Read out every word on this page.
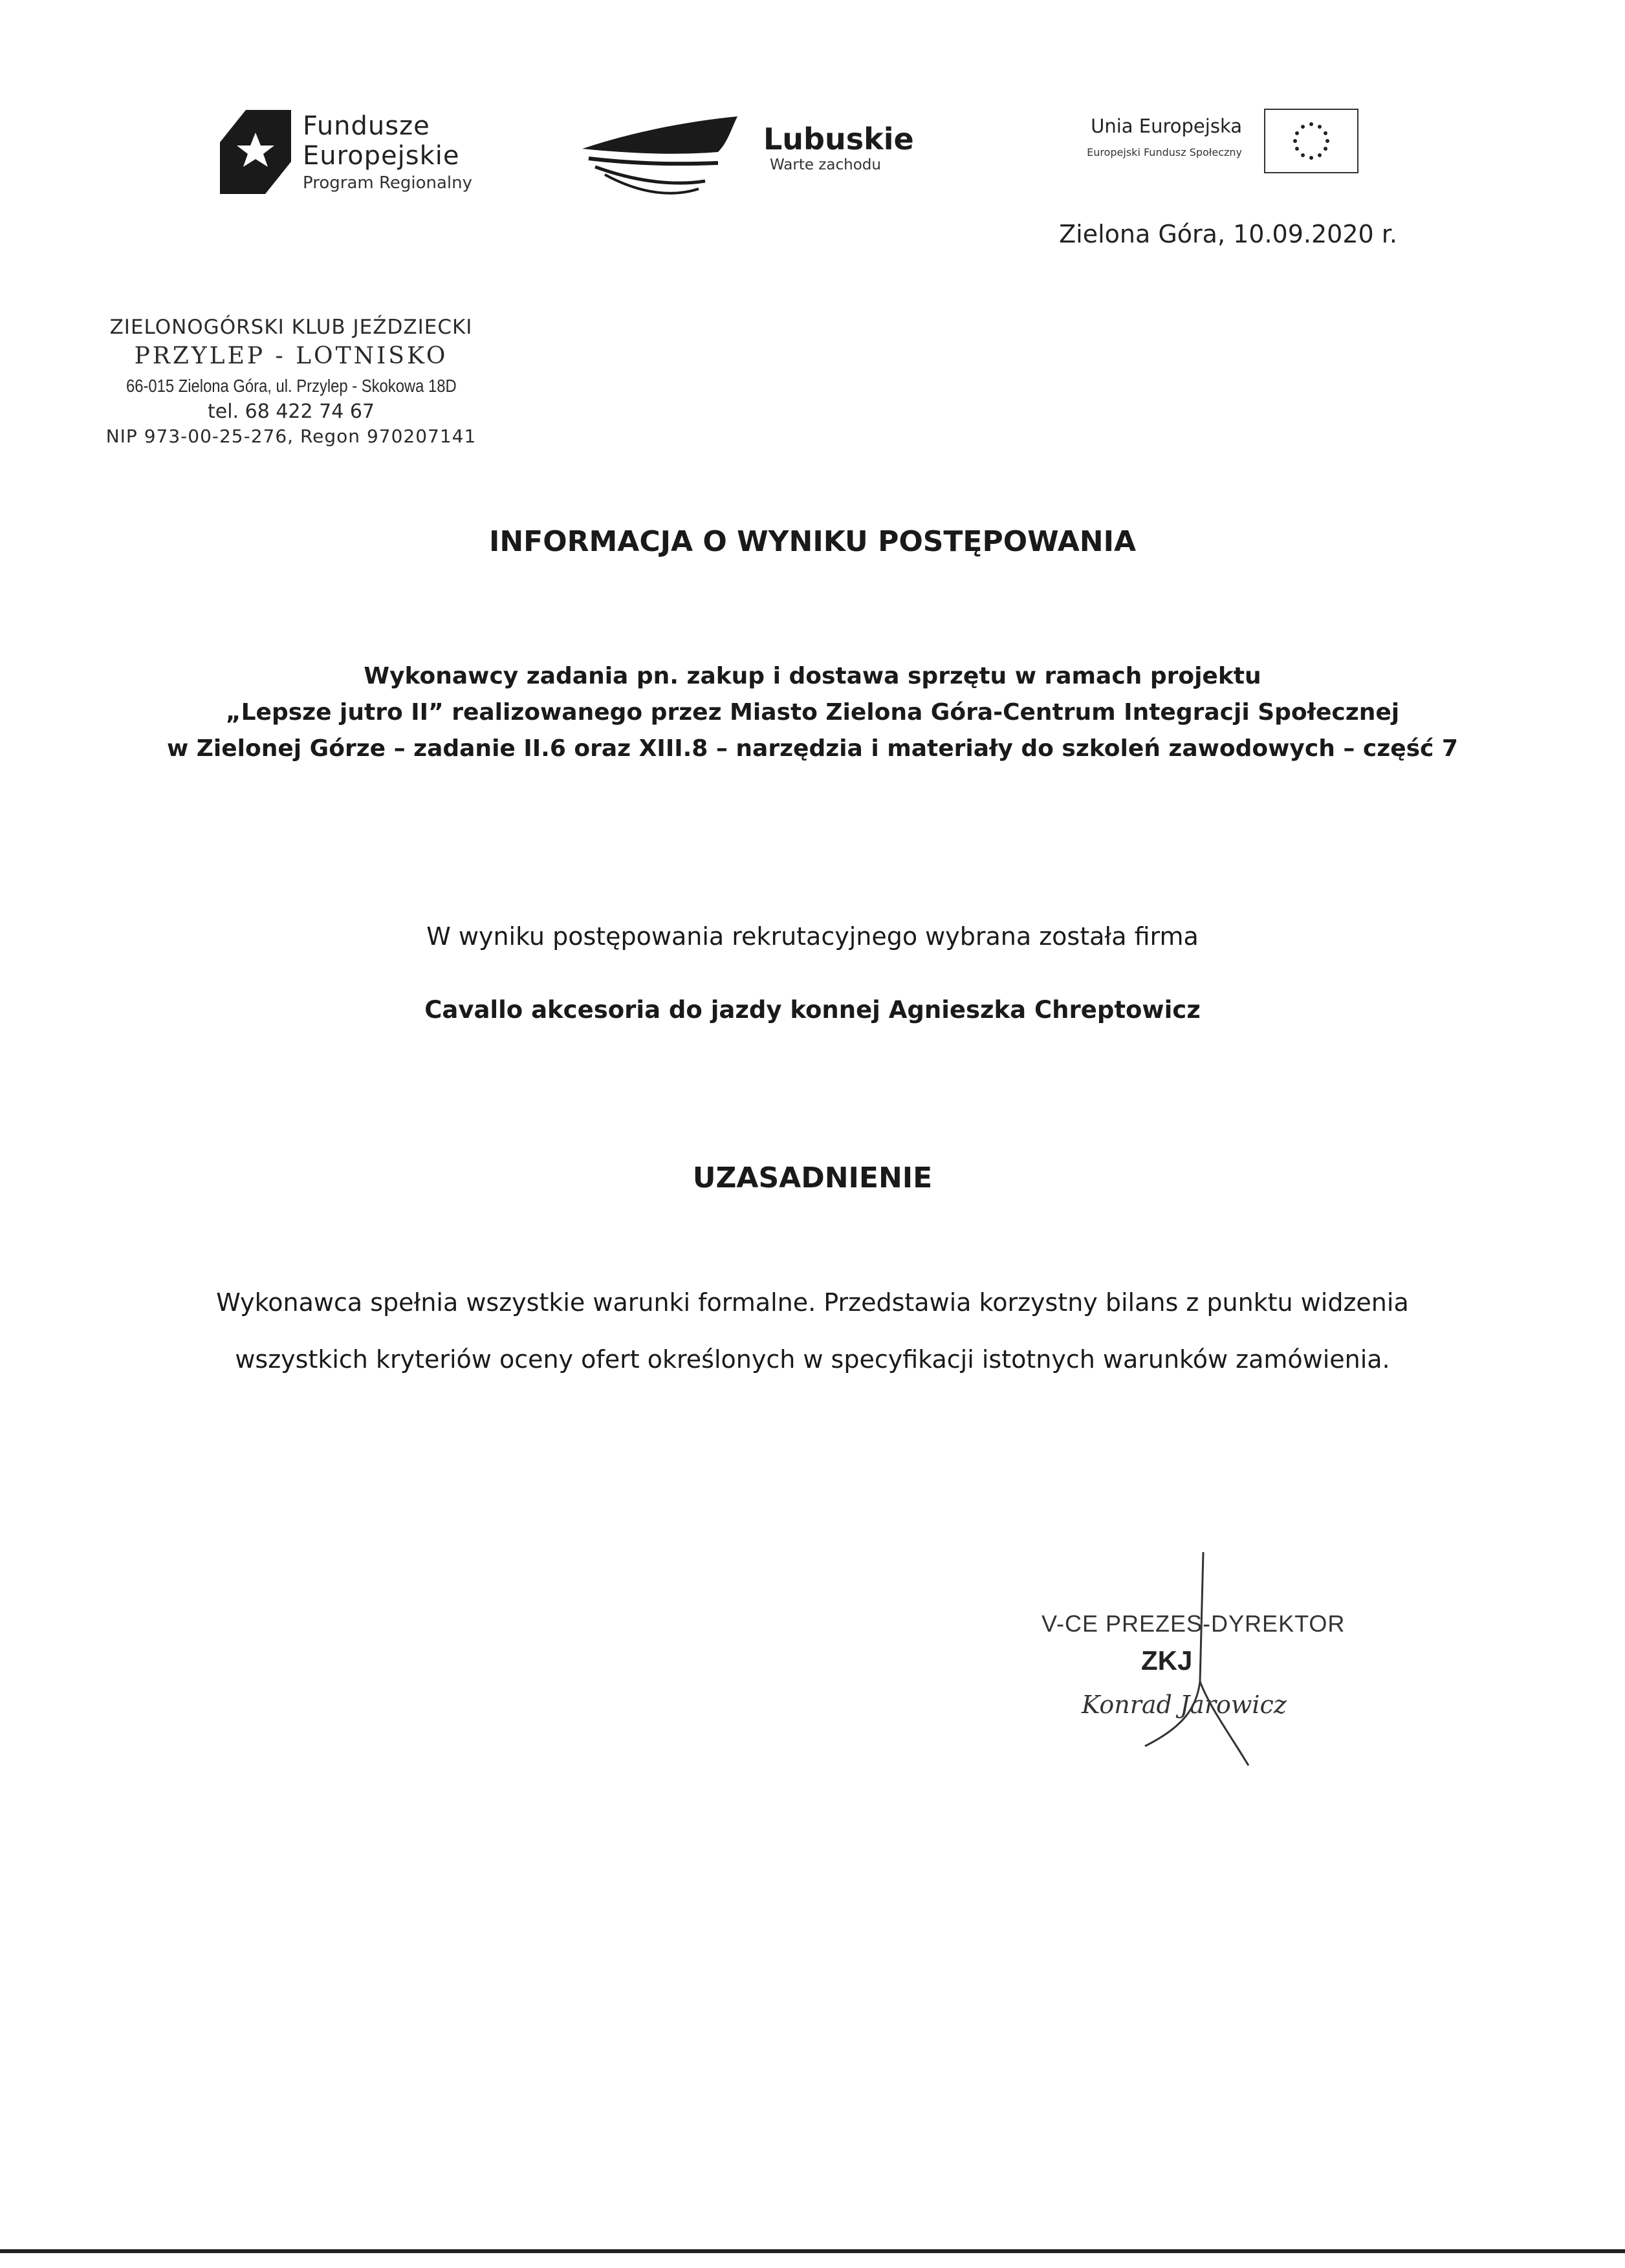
Fundusze
Europejskie
Program Regionalny
Lubuskie
Warte zachodu
Unia Europejska
Europejski Fundusz Społeczny
Zielona Góra, 10.09.2020 r.
ZIELONOGÓRSKI KLUB JEŹDZIECKI
PRZYLEP - LOTNISKO
66-015 Zielona Góra, ul. Przylep - Skokowa 18D
tel. 68 422 74 67
NIP 973-00-25-276, Regon 970207141
INFORMACJA O WYNIKU POSTĘPOWANIA
Wykonawcy zadania pn. zakup i dostawa sprzętu w ramach projektu
„Lepsze jutro II” realizowanego przez Miasto Zielona Góra-Centrum Integracji Społecznej
w Zielonej Górze – zadanie II.6 oraz XIII.8 – narzędzia i materiały do szkoleń zawodowych – część 7
W wyniku postępowania rekrutacyjnego wybrana została firma
Cavallo akcesoria do jazdy konnej Agnieszka Chreptowicz
UZASADNIENIE
Wykonawca spełnia wszystkie warunki formalne. Przedstawia korzystny bilans z punktu widzenia
wszystkich kryteriów oceny ofert określonych w specyfikacji istotnych warunków zamówienia.
V-CE PREZES-DYREKTOR
ZKJ
Konrad Jarowicz
